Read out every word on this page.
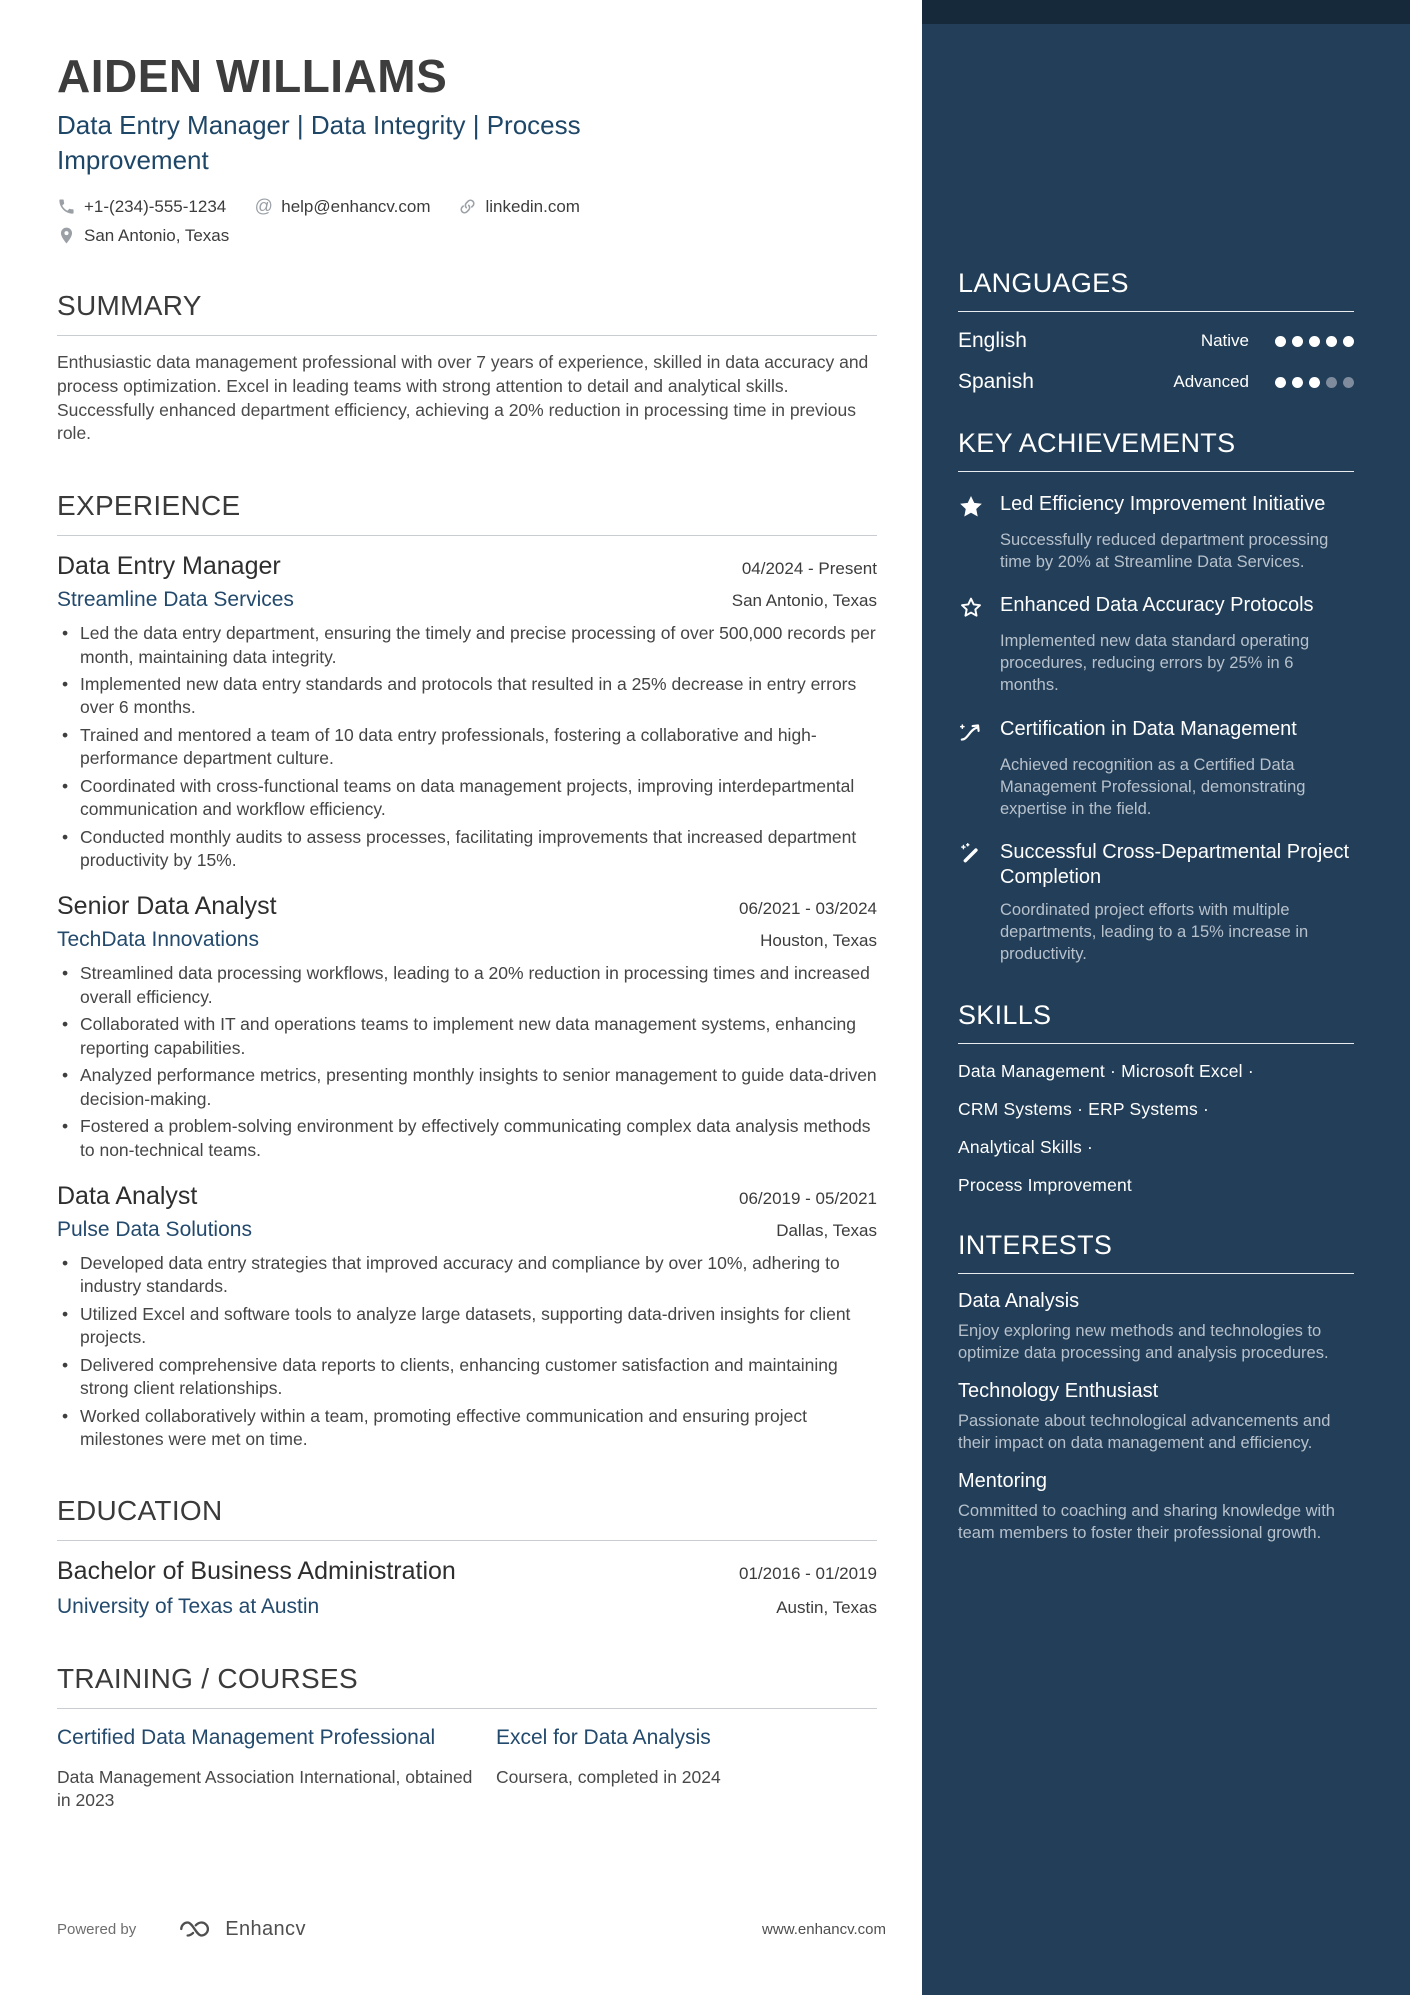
AIDEN WILLIAMS
Data Entry Manager | Data Integrity | Process Improvement
+1-(234)-555-1234 @ help@enhancv.com	linkedin.com
San Antonio, Texas
SUMMARY
Enthusiastic data management professional with over 7 years of experience, skilled in data accuracy and process optimization. Excel in leading teams with strong attention to detail and analytical skills. Successfully enhanced department efficiency, achieving a 20% reduction in processing time in previous role.
EXPERIENCE
Data Entry Manager	04/2024 - Present
Streamline Data Services	San Antonio, Texas
• Led the data entry department, ensuring the timely and precise processing of over 500,000 records per month, maintaining data integrity.
• Implemented new data entry standards and protocols that resulted in a 25% decrease in entry errors over 6 months.
• Trained and mentored a team of 10 data entry professionals, fostering a collaborative and high-performance department culture.
• Coordinated with cross-functional teams on data management projects, improving interdepartmental communication and workflow efficiency.
• Conducted monthly audits to assess processes, facilitating improvements that increased department productivity by 15%.
Senior Data Analyst	06/2021 - 03/2024
TechData Innovations	Houston, Texas
• Streamlined data processing workflows, leading to a 20% reduction in processing times and increased overall efficiency.
• Collaborated with IT and operations teams to implement new data management systems, enhancing reporting capabilities.
• Analyzed performance metrics, presenting monthly insights to senior management to guide data-driven decision-making.
• Fostered a problem-solving environment by effectively communicating complex data analysis methods to non-technical teams.
Data Analyst	06/2019 - 05/2021
Pulse Data Solutions	Dallas, Texas
• Developed data entry strategies that improved accuracy and compliance by over 10%, adhering to industry standards.
• Utilized Excel and software tools to analyze large datasets, supporting data-driven insights for client projects.
• Delivered comprehensive data reports to clients, enhancing customer satisfaction and maintaining strong client relationships.
• Worked collaboratively within a team, promoting effective communication and ensuring project milestones were met on time.
EDUCATION
Bachelor of Business Administration	01/2016 - 01/2019
University of Texas at Austin	Austin, Texas
TRAINING / COURSES
Certified Data Management Professional
Data Management Association International, obtained in 2023
Excel for Data Analysis
Coursera, completed in 2024
LANGUAGES
English	Native
Spanish	Advanced
KEY ACHIEVEMENTS
Led Efficiency Improvement Initiative
Successfully reduced department processing time by 20% at Streamline Data Services.
Enhanced Data Accuracy Protocols
Implemented new data standard operating procedures, reducing errors by 25% in 6 months.
Certification in Data Management
Achieved recognition as a Certified Data Management Professional, demonstrating expertise in the field.
Successful Cross-Departmental Project Completion
Coordinated project efforts with multiple departments, leading to a 15% increase in productivity.
SKILLS
Data Management · Microsoft Excel ·
CRM Systems · ERP Systems ·
Analytical Skills ·
Process Improvement
INTERESTS
Data Analysis
Enjoy exploring new methods and technologies to optimize data processing and analysis procedures.
Technology Enthusiast
Passionate about technological advancements and their impact on data management and efficiency.
Mentoring
Committed to coaching and sharing knowledge with team members to foster their professional growth.
Powered by	Enhancv	www.enhancv.com
